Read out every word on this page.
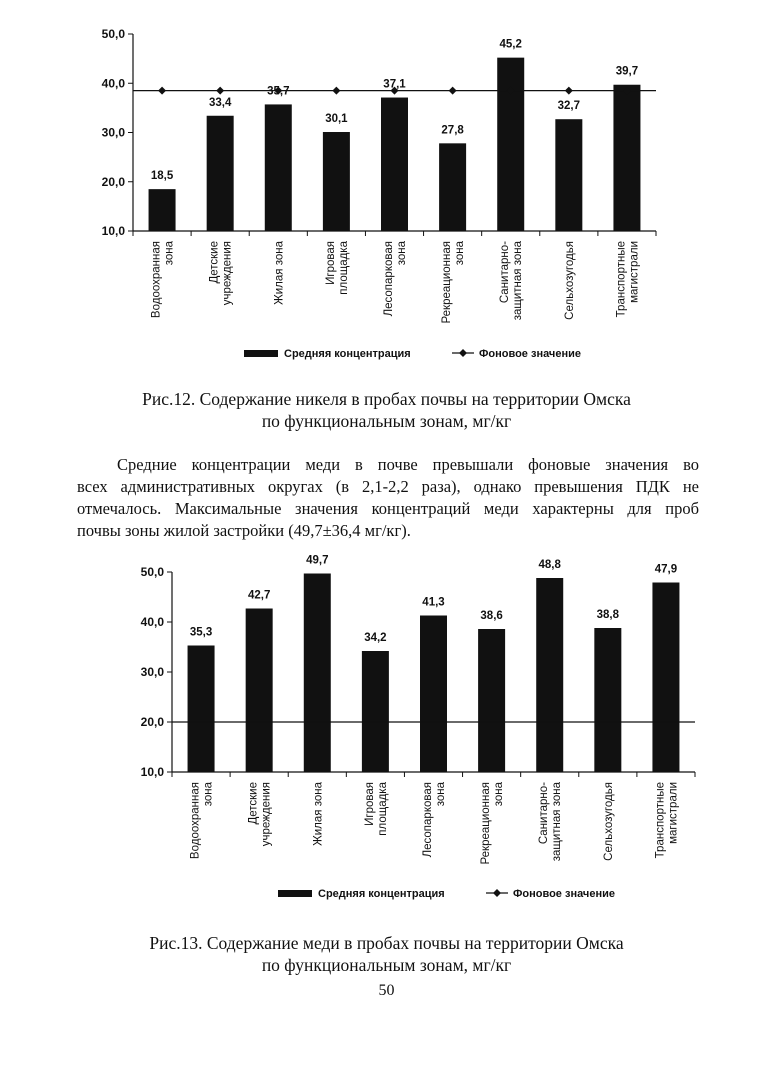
10,0
20,0
30,0
40,0
50,0
18,5
33,4
35,7
30,1
37,1
27,8
45,2
32,7
39,7
Водоохранная зона	Детские учреждения	Жилая зона	Игровая площадка	Лесопарковая зона	Рекреационная зона	Санитарно- защитная зона	Сельхозугодья	Транспортные магистрали
Средняя концентрация	Фоновое значение
Рис.12. Содержание никеля в пробах почвы на территории Омска
по функциональным зонам, мг/кг
Средние концентрации меди в почве превышали фоновые значения во
всех административных округах (в 2,1-2,2 раза), однако превышения ПДК не
отмечалось. Максимальные значения концентраций меди характерны для проб
почвы зоны жилой застройки (49,7±36,4 мг/кг).
10,0
20,0
30,0
40,0
50,0
35,3
42,7
49,7
34,2
41,3
38,6
48,8
38,8
47,9
Водоохранная зона	Детские учреждения	Жилая зона	Игровая площадка	Лесопарковая зона	Рекреационная зона	Санитарно- защитная зона	Сельхозугодья	Транспортные магистрали
Средняя концентрация	Фоновое значение
Рис.13. Содержание меди в пробах почвы на территории Омска
по функциональным зонам, мг/кг
50
